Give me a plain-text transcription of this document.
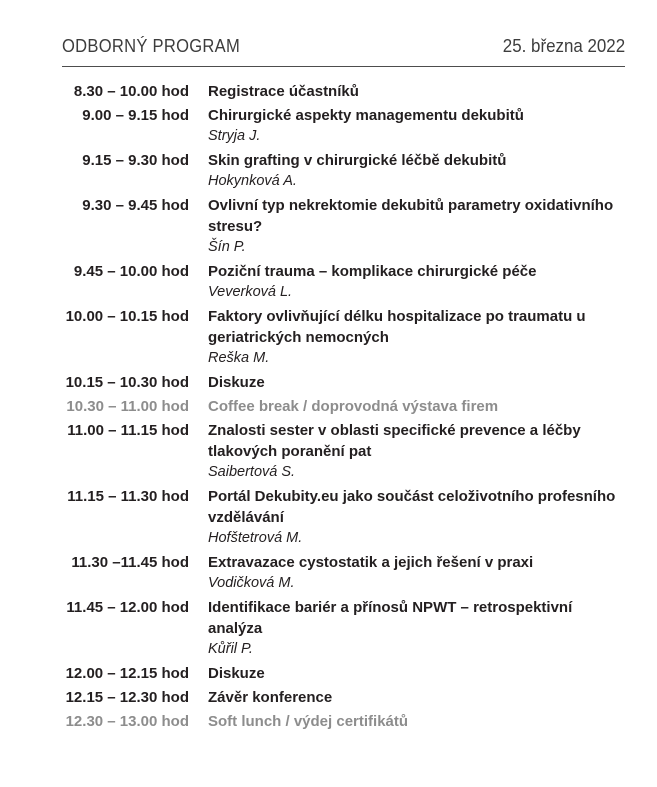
ODBORNÝ PROGRAM	25. března 2022
8.30 – 10.00 hod Registrace účastníků
9.00 – 9.15 hod Chirurgické aspekty managementu dekubitů
Stryja J.
9.15 – 9.30 hod Skin grafting v chirurgické léčbě dekubitů
Hokynková A.
9.30 – 9.45 hod Ovlivní typ nekrektomie dekubitů parametry oxidativního stresu?
Šín P.
9.45 – 10.00 hod Poziční trauma – komplikace chirurgické péče
Veverková L.
10.00 – 10.15 hod Faktory ovlivňující délku hospitalizace po traumatu u geriatrických nemocných
Reška M.
10.15 – 10.30 hod Diskuze
10.30 – 11.00 hod Coffee break / doprovodná výstava firem
11.00 – 11.15 hod Znalosti sester v oblasti specifické prevence a léčby tlakových poranění pat
Saibertová S.
11.15 – 11.30 hod Portál Dekubity.eu jako součást celoživotního profesního vzdělávání
Hofštetrová M.
11.30 –11.45 hod Extravazace cystostatik a jejich řešení v praxi
Vodičková M.
11.45 – 12.00 hod Identifikace bariér a přínosů NPWT – retrospektivní analýza
Kůřil P.
12.00 – 12.15 hod Diskuze
12.15 – 12.30 hod Závěr konference
12.30 – 13.00 hod Soft lunch / výdej certifikátů
